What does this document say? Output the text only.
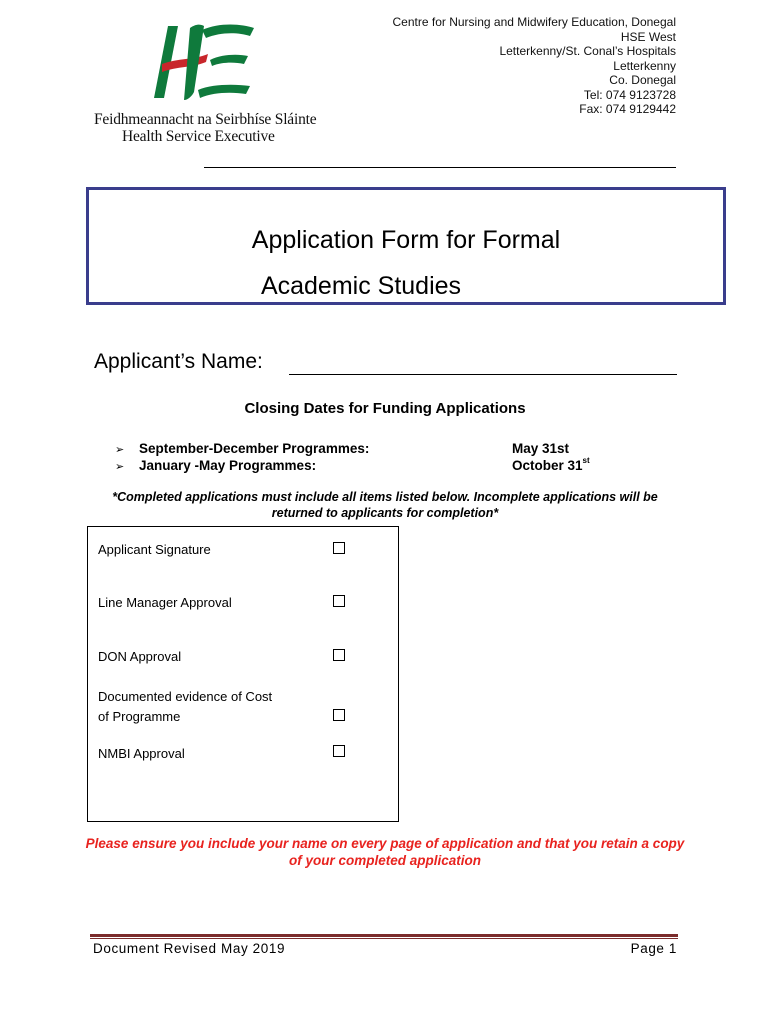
Feidhmeannacht na Seirbhíse Sláinte
Health Service Executive
Centre for Nursing and Midwifery Education, Donegal
HSE West
Letterkenny/St. Conal’s Hospitals
Letterkenny
Co. Donegal
Tel: 074 9123728
Fax: 074 9129442
Application Form for Formal
Academic Studies
Applicant’s Name:
Closing Dates for Funding Applications
➢ September-December Programmes:	May 31st
➢ January -May Programmes:	October 31st
*Completed applications must include all items listed below. Incomplete applications will be returned to applicants for completion*
Applicant Signature
Line Manager Approval
DON Approval
Documented evidence of Cost of Programme
NMBI Approval
Please ensure you include your name on every page of application and that you retain a copy of your completed application
Document Revised May 2019	Page 1
